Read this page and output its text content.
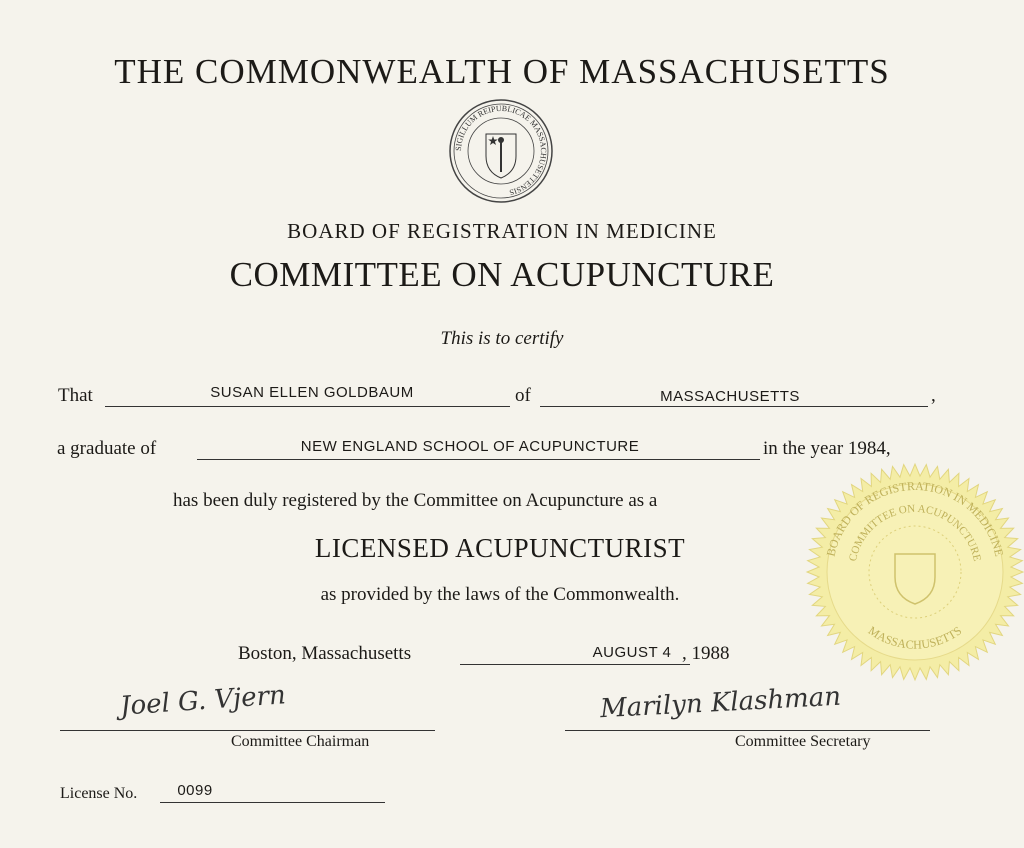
THE COMMONWEALTH OF MASSACHUSETTS
SIGILLUM REIPUBLICAE MASSACHUSETTENSIS
BOARD OF REGISTRATION IN MEDICINE
COMMITTEE ON ACUPUNCTURE
This is to certify
That	SUSAN ELLEN GOLDBAUM	of	MASSACHUSETTS	,
a graduate of	NEW ENGLAND SCHOOL OF ACUPUNCTURE	in the year 1984,
has been duly registered by the Committee on Acupuncture as a
LICENSED ACUPUNCTURIST
as provided by the laws of the Commonwealth.
Boston, Massachusetts	AUGUST 4 , 1988
Joel G. Vjern
Committee Chairman
Marilyn Klashman
Committee Secretary
License No.	0099
BOARD OF REGISTRATION IN MEDICINE
COMMITTEE ON ACUPUNCTURE
MASSACHUSETTS
